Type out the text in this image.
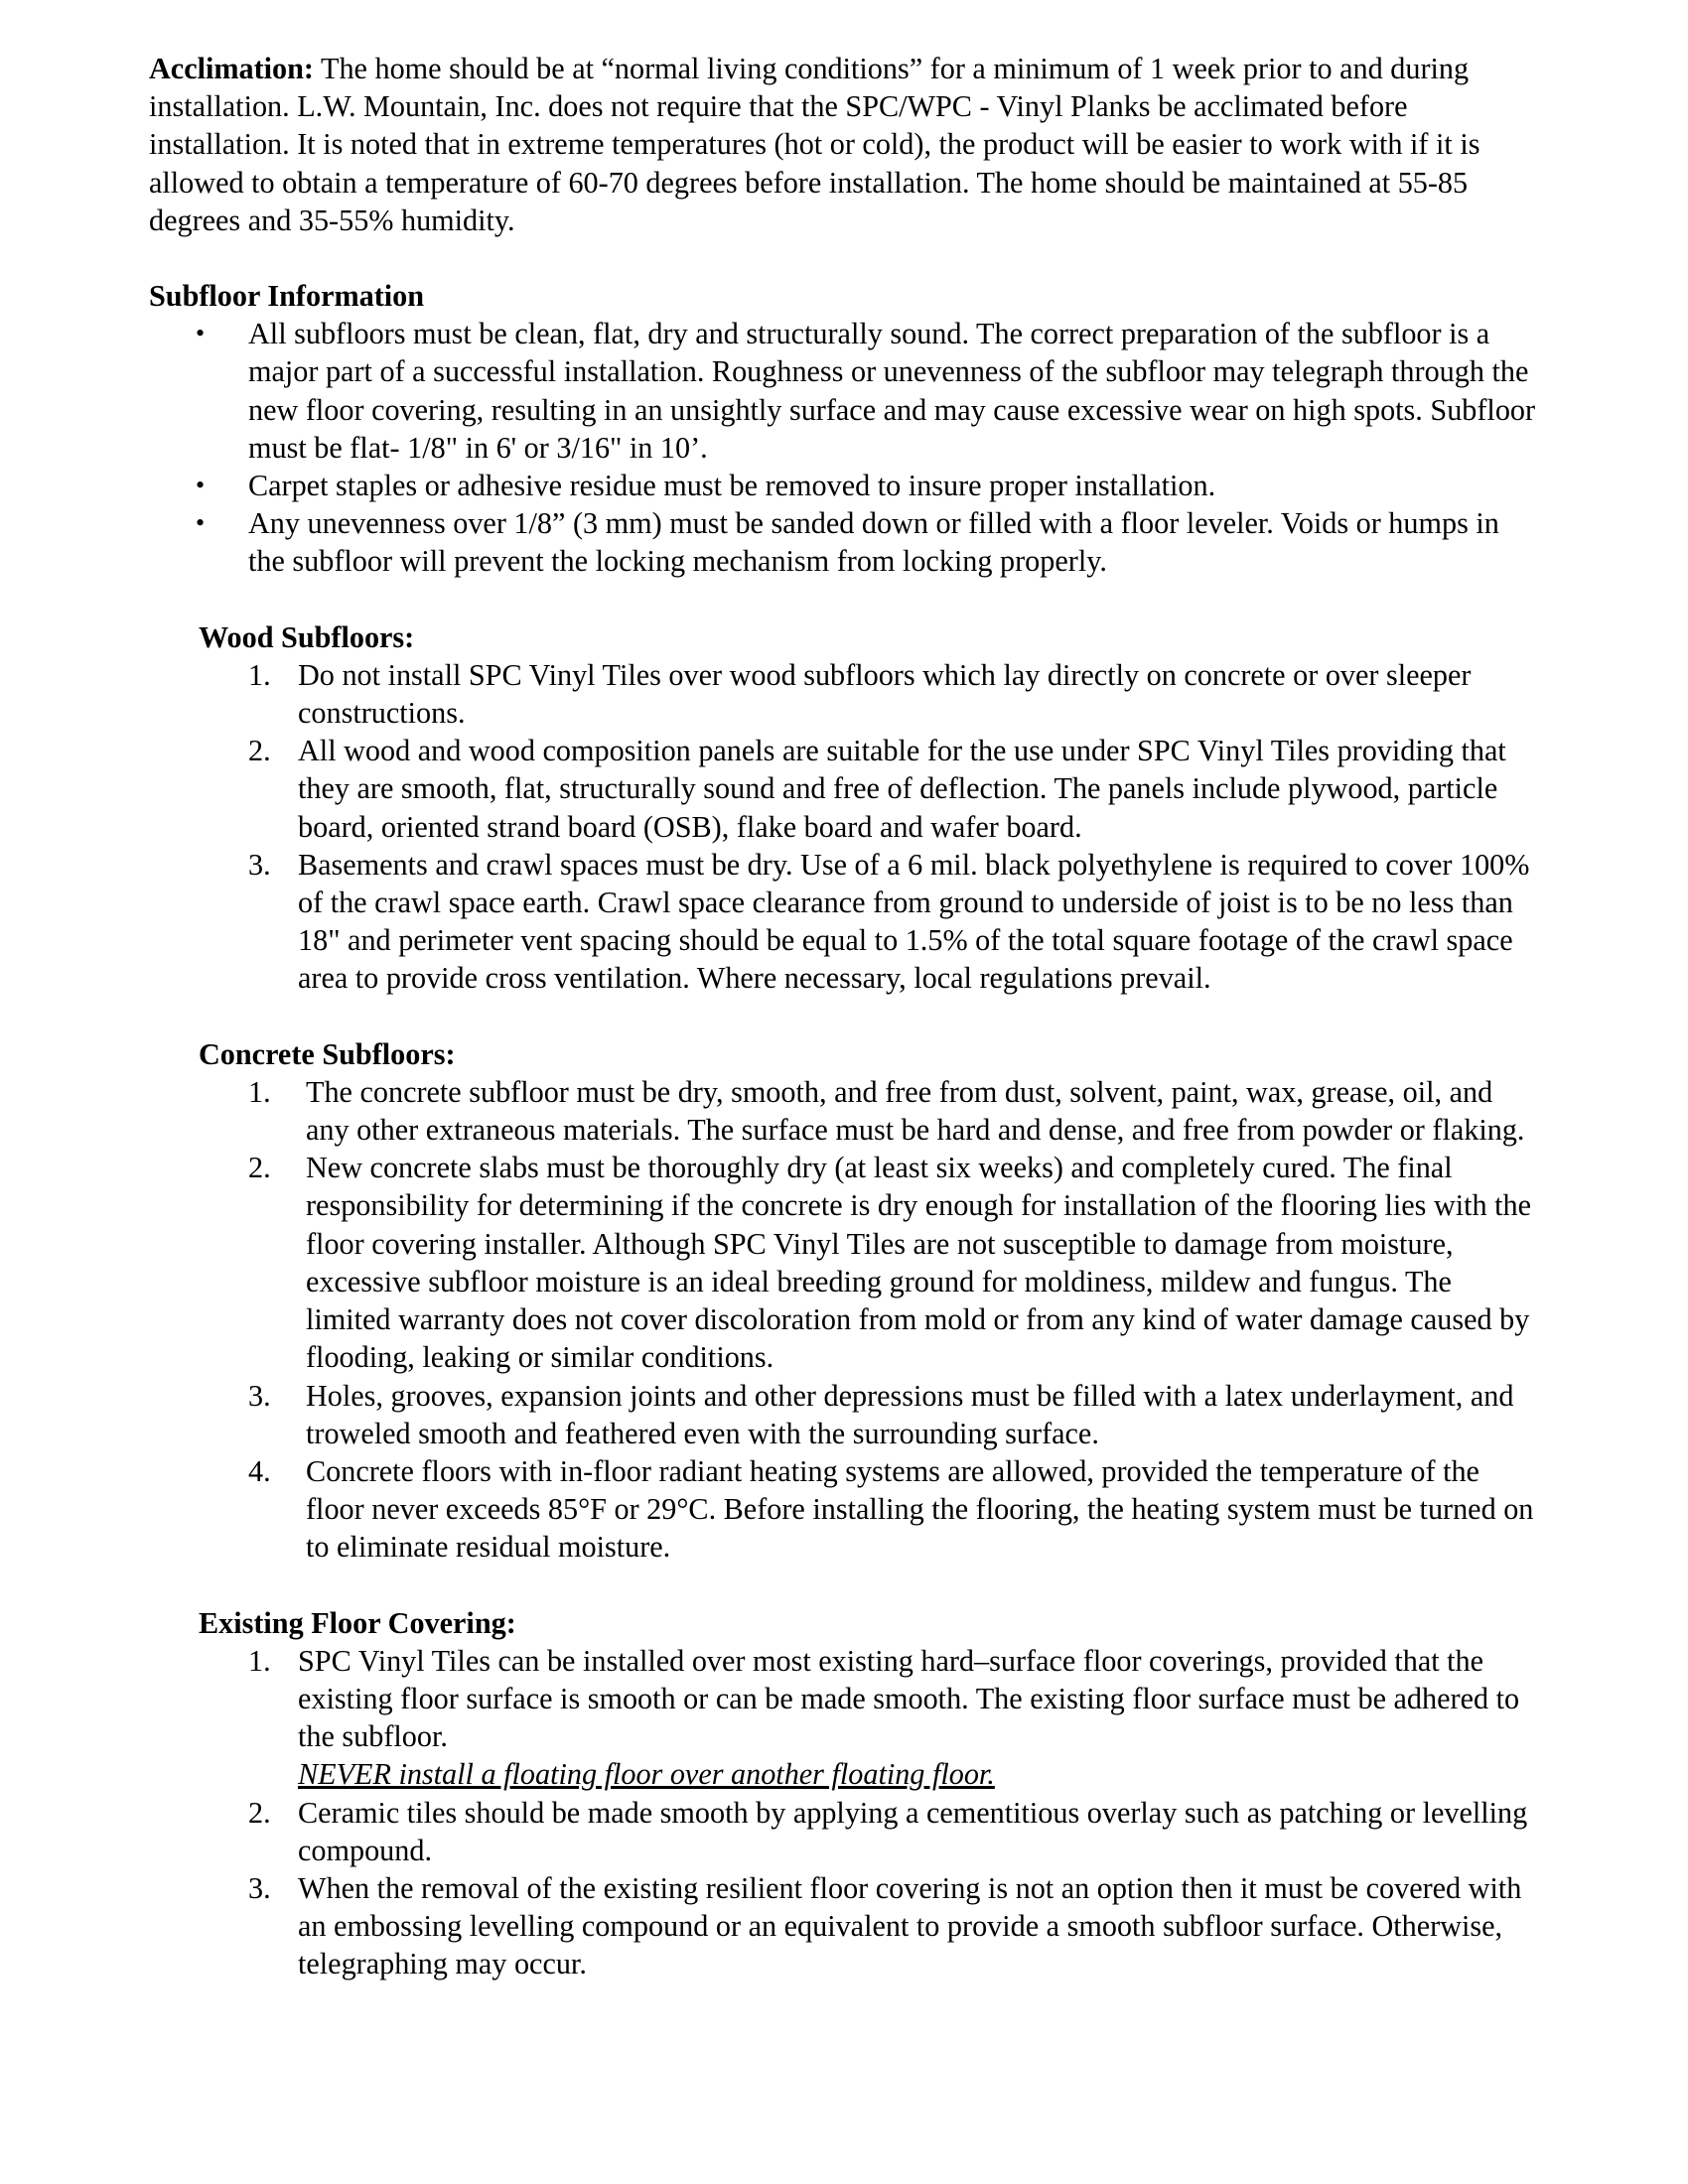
Acclimation: The home should be at “normal living conditions” for a minimum of 1 week prior to and during installation. L.W. Mountain, Inc. does not require that the SPC/WPC - Vinyl Planks be acclimated before installation. It is noted that in extreme temperatures (hot or cold), the product will be easier to work with if it is allowed to obtain a temperature of 60-70 degrees before installation. The home should be maintained at 55-85 degrees and 35-55% humidity.

Subfloor Information

• All subfloors must be clean, flat, dry and structurally sound. The correct preparation of the subfloor is a major part of a successful installation. Roughness or unevenness of the subfloor may telegraph through the new floor covering, resulting in an unsightly surface and may cause excessive wear on high spots. Subfloor must be flat- 1/8" in 6' or 3/16" in 10’.
• Carpet staples or adhesive residue must be removed to insure proper installation.
• Any unevenness over 1/8” (3 mm) must be sanded down or filled with a floor leveler. Voids or humps in the subfloor will prevent the locking mechanism from locking properly.

Wood Subfloors:

1. Do not install SPC Vinyl Tiles over wood subfloors which lay directly on concrete or over sleeper constructions.
2. All wood and wood composition panels are suitable for the use under SPC Vinyl Tiles providing that they are smooth, flat, structurally sound and free of deflection. The panels include plywood, particle board, oriented strand board (OSB), flake board and wafer board.
3. Basements and crawl spaces must be dry. Use of a 6 mil. black polyethylene is required to cover 100% of the crawl space earth. Crawl space clearance from ground to underside of joist is to be no less than 18" and perimeter vent spacing should be equal to 1.5% of the total square footage of the crawl space area to provide cross ventilation. Where necessary, local regulations prevail.

Concrete Subfloors:

1. The concrete subfloor must be dry, smooth, and free from dust, solvent, paint, wax, grease, oil, and any other extraneous materials. The surface must be hard and dense, and free from powder or flaking.
2. New concrete slabs must be thoroughly dry (at least six weeks) and completely cured. The final responsibility for determining if the concrete is dry enough for installation of the flooring lies with the floor covering installer. Although SPC Vinyl Tiles are not susceptible to damage from moisture, excessive subfloor moisture is an ideal breeding ground for moldiness, mildew and fungus. The limited warranty does not cover discoloration from mold or from any kind of water damage caused by flooding, leaking or similar conditions.
3. Holes, grooves, expansion joints and other depressions must be filled with a latex underlayment, and troweled smooth and feathered even with the surrounding surface.
4. Concrete floors with in-floor radiant heating systems are allowed, provided the temperature of the floor never exceeds 85°F or 29°C. Before installing the flooring, the heating system must be turned on to eliminate residual moisture.

Existing Floor Covering:

1. SPC Vinyl Tiles can be installed over most existing hard–surface floor coverings, provided that the existing floor surface is smooth or can be made smooth. The existing floor surface must be adhered to the subfloor.
NEVER install a floating floor over another floating floor.
2. Ceramic tiles should be made smooth by applying a cementitious overlay such as patching or levelling compound.
3. When the removal of the existing resilient floor covering is not an option then it must be covered with an embossing levelling compound or an equivalent to provide a smooth subfloor surface. Otherwise, telegraphing may occur.
